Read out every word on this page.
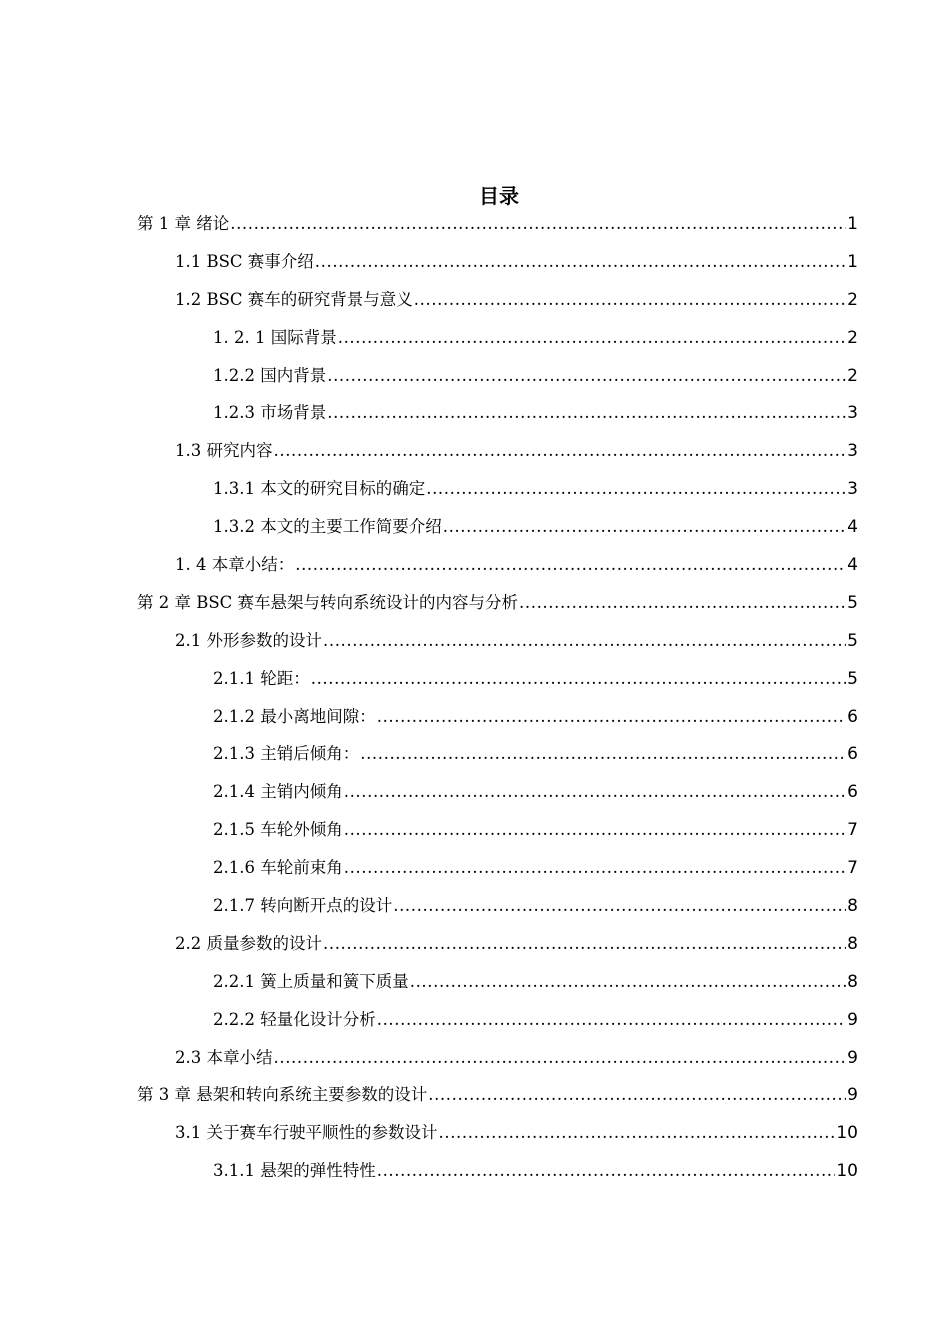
目录
第 1 章 绪论 .....	1
1.1 BSC 赛事介绍 .....	1
1.2 BSC 赛车的研究背景与意义 .....	2
1. 2. 1 国际背景 .....	2
1.2.2 国内背景 .....	2
1.2.3 市场背景 .....	3
1.3 研究内容 .....	3
1.3.1 本文的研究目标的确定 .....	3
1.3.2 本文的主要工作简要介绍 .....	4
1. 4 本章小结： .....	4
第 2 章 BSC 赛车悬架与转向系统设计的内容与分析 .....	5
2.1 外形参数的设计 .....	5
2.1.1 轮距： .....	5
2.1.2 最小离地间隙： .....	6
2.1.3 主销后倾角： .....	6
2.1.4 主销内倾角 .....	6
2.1.5 车轮外倾角 .....	7
2.1.6 车轮前束角 .....	7
2.1.7 转向断开点的设计 .....	8
2.2 质量参数的设计 .....	8
2.2.1 簧上质量和簧下质量 .....	8
2.2.2 轻量化设计分析 .....	9
2.3 本章小结 .....	9
第 3 章 悬架和转向系统主要参数的设计 .....	9
3.1 关于赛车行驶平顺性的参数设计 .....	10
3.1.1 悬架的弹性特性 .....	10
